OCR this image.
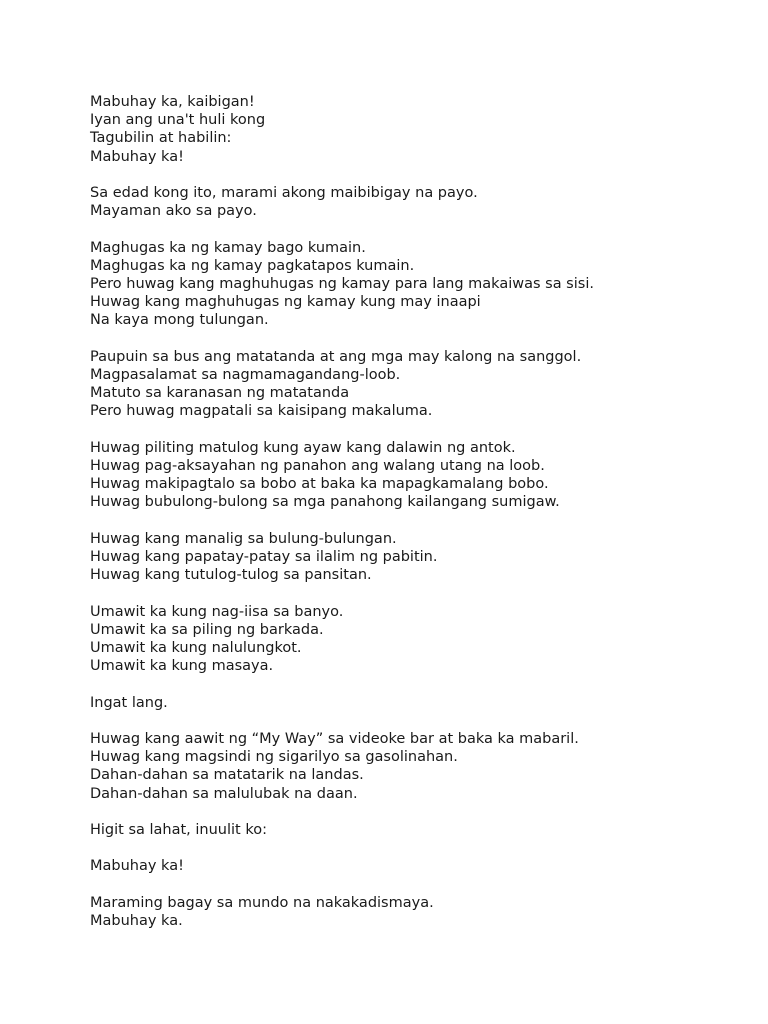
Mabuhay ka, kaibigan!
Iyan ang una't huli kong
Tagubilin at habilin:
Mabuhay ka!
Sa edad kong ito, marami akong maibibigay na payo.
Mayaman ako sa payo.
Maghugas ka ng kamay bago kumain.
Maghugas ka ng kamay pagkatapos kumain.
Pero huwag kang maghuhugas ng kamay para lang makaiwas sa sisi.
Huwag kang maghuhugas ng kamay kung may inaapi
Na kaya mong tulungan.
Paupuin sa bus ang matatanda at ang mga may kalong na sanggol.
Magpasalamat sa nagmamagandang-loob.
Matuto sa karanasan ng matatanda
Pero huwag magpatali sa kaisipang makaluma.
Huwag piliting matulog kung ayaw kang dalawin ng antok.
Huwag pag-aksayahan ng panahon ang walang utang na loob.
Huwag makipagtalo sa bobo at baka ka mapagkamalang bobo.
Huwag bubulong-bulong sa mga panahong kailangang sumigaw.
Huwag kang manalig sa bulung-bulungan.
Huwag kang papatay-patay sa ilalim ng pabitin.
Huwag kang tutulog-tulog sa pansitan.
Umawit ka kung nag-iisa sa banyo.
Umawit ka sa piling ng barkada.
Umawit ka kung nalulungkot.
Umawit ka kung masaya.
Ingat lang.
Huwag kang aawit ng “My Way” sa videoke bar at baka ka mabaril.
Huwag kang magsindi ng sigarilyo sa gasolinahan.
Dahan-dahan sa matatarik na landas.
Dahan-dahan sa malulubak na daan.
Higit sa lahat, inuulit ko:
Mabuhay ka!
Maraming bagay sa mundo na nakakadismaya.
Mabuhay ka.
